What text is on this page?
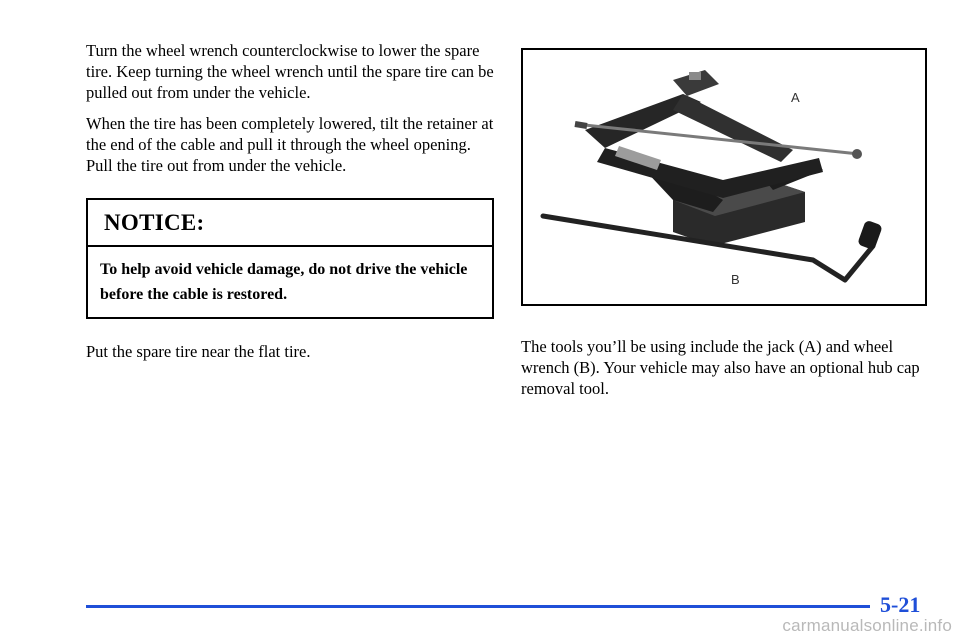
Turn the wheel wrench counterclockwise to lower the spare tire. Keep turning the wheel wrench until the spare tire can be pulled out from under the vehicle.

When the tire has been completely lowered, tilt the retainer at the end of the cable and pull it through the wheel opening. Pull the tire out from under the vehicle.

NOTICE:
To help avoid vehicle damage, do not drive the vehicle before the cable is restored.

Put the spare tire near the flat tire.

A
B
The tools you’ll be using include the jack (A) and wheel wrench (B). Your vehicle may also have an optional hub cap removal tool.
5-21
carmanualsonline.info
